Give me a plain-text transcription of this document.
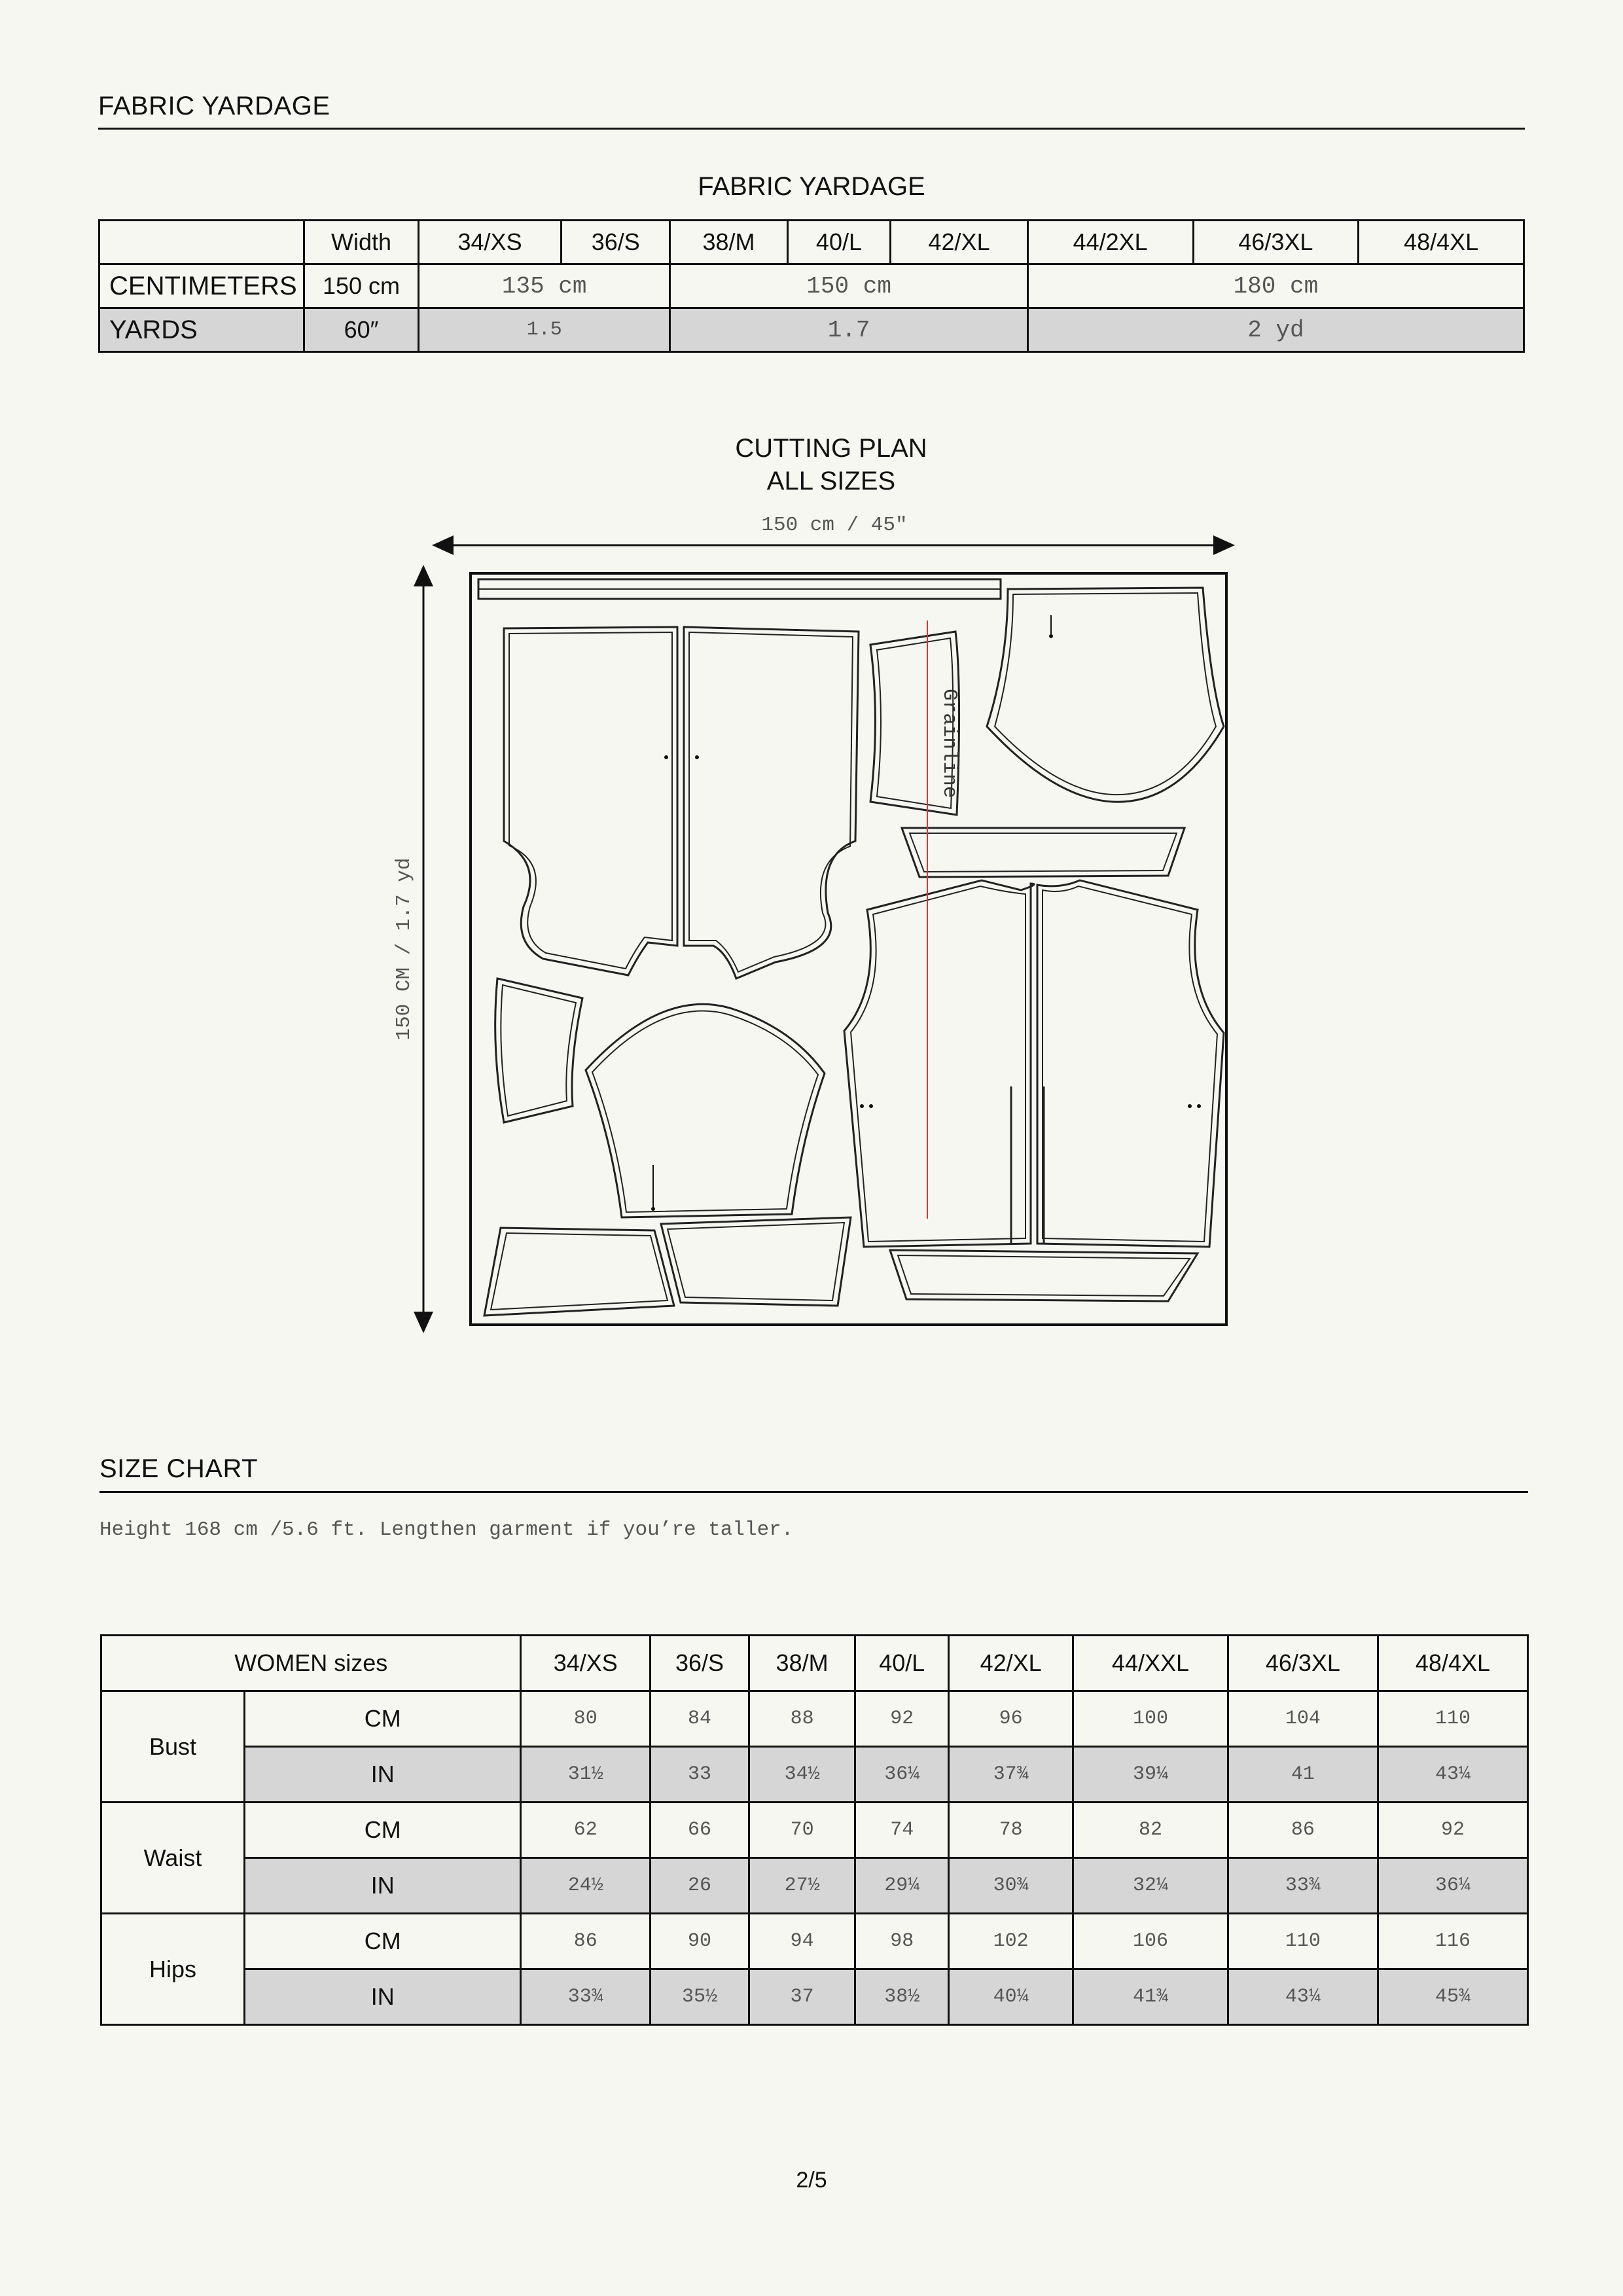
FABRIC YARDAGE
FABRIC YARDAGE
	Width	34/XS	36/S	38/M	40/L	42/XL	44/2XL	46/3XL	48/4XL
CENTIMETERS	150 cm	135 cm		150 cm			180 cm		
YARDS	60″	1.5		1.7			2 yd		
CUTTING PLAN
ALL SIZES
150 cm / 45″
Grainline
150 CM / 1.7 yd
SIZE CHART
Height 168 cm /5.6 ft. Lengthen garment if you’re taller.
WOMEN sizes		34/XS	36/S	38/M	40/L	42/XL	44/XXL	46/3XL	48/4XL
Bust	CM	80	84	88	92	96	100	104	110
	IN	31½	33	34½	36¼	37¾	39¼	41	43¼
Waist	CM	62	66	70	74	78	82	86	92
	IN	24½	26	27½	29¼	30¾	32¼	33¾	36¼
Hips	CM	86	90	94	98	102	106	110	116
	IN	33¾	35½	37	38½	40¼	41¾	43¼	45¾
2/5
